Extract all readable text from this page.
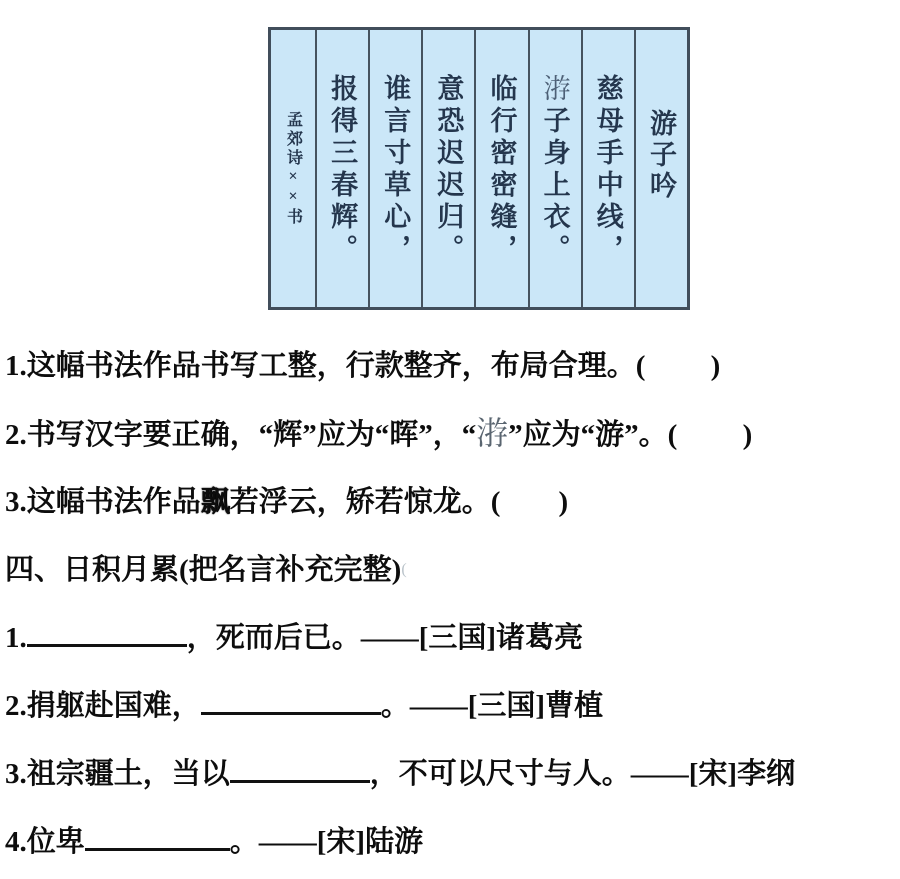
游子吟
慈母手中线，
㳺
子身上衣。
临行密密缝，
意恐迟迟归。
谁言寸草心，
报得三春辉。
孟郊诗××书
1.这幅书法作品书写工整，行款整齐，布局合理。(         )
2.书写汉字要正确，“辉”应为“晖”，“㳺”应为“游”。(         )
3.这幅书法作品飘若浮云，矫若惊龙。(        )
四、日积月累(把名言补充完整)(
1.	，死而后已。——[三国]诸葛亮
2.捐躯赴国难，	。——[三国]曹植
3.祖宗疆土，当以	，不可以尺寸与人。——[宋]李纲
4.位卑	。——[宋]陆游
